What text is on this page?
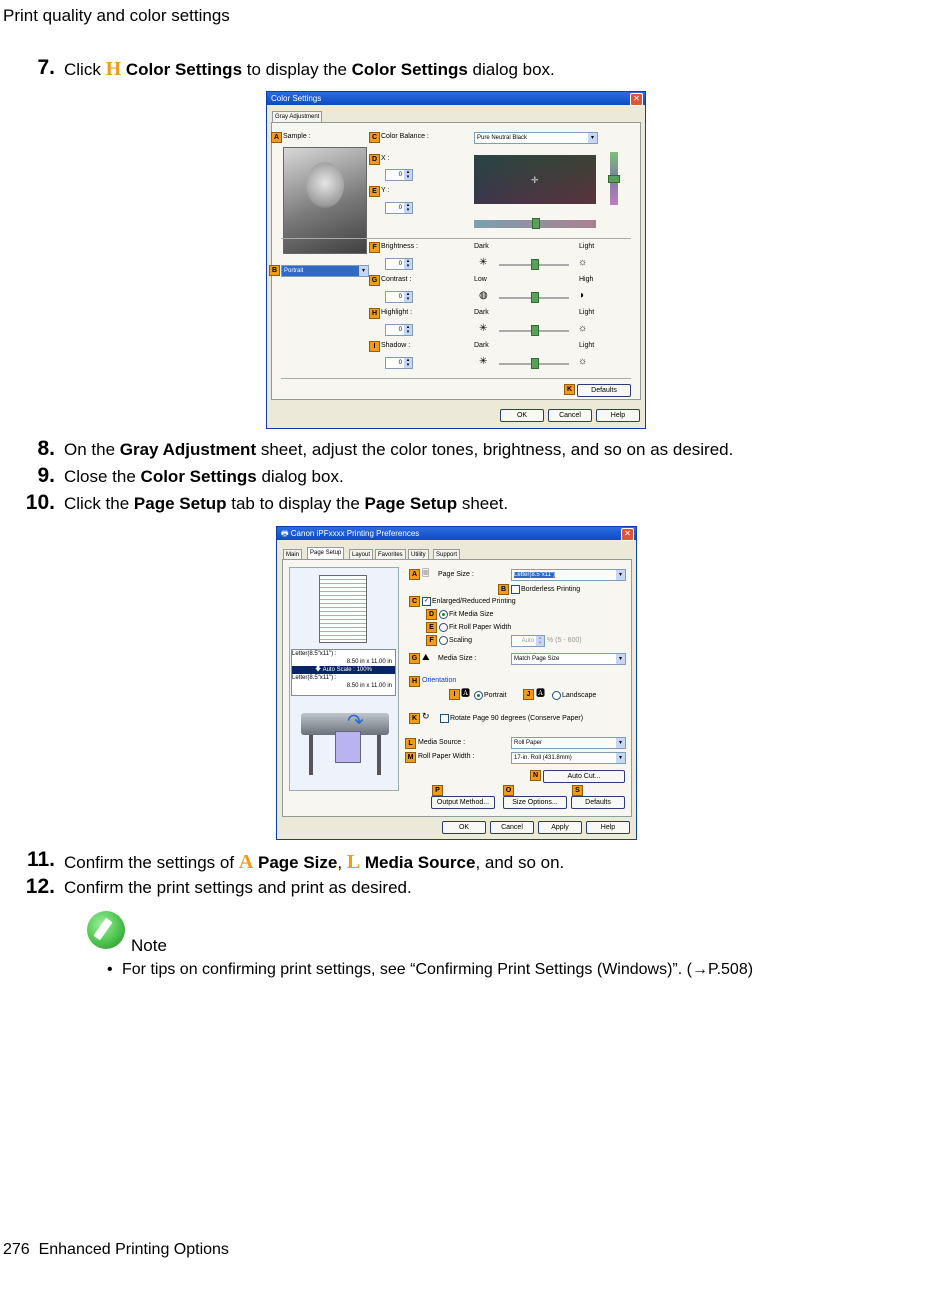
Print quality and color settings
7. Click H Color Settings to display the Color Settings dialog box.
Color Settings	✕
Gray Adjustment
A Sample :
B	Portrait	▾
C Color Balance :	Pure Neutral Black	▾
D X :
0 ▴
▾
E Y :
0 ▴
▾
✛
F Brightness :
0 ▴
▾
Dark	Light
✳	☼
G Contrast :
0 ▴
▾
Low	High
◍	◑
H Highlight :
0 ▴
▾
Dark	Light
✳	☼
I Shadow :
0 ▴
▾
Dark	Light
✳	☼
K	Defaults
OK	Cancel	Help
8. On the Gray Adjustment sheet, adjust the color tones, brightness, and so on as desired.
9. Close the Color Settings dialog box.
10. Click the Page Setup tab to display the Page Setup sheet.
🖶 Canon iPFxxxx Printing Preferences	✕
Main	Page Setup	Layout	Favorites	Utility	Support
Letter(8.5"x11") :
8.50 in x 11.00 in
🡇 Auto Scale : 100%
Letter(8.5"x11") :
8.50 in x 11.00 in
↷
A 🗏 Page Size :	Letter(8.5"x11")	▾
B	Borderless Printing
C	✓ Enlarged/Reduced Printing
D	Fit Media Size
E	Fit Roll Paper Width
F	Scaling	Auto ▴
▾ % (5 - 600)
G ⛰ Media Size :	Match Page Size	▾
H Orientation
I 🅰 Portrait	J 🅰 Landscape
K ↻	Rotate Page 90 degrees (Conserve Paper)
L Media Source :	Roll Paper	▾
M Roll Paper Width :	17-in. Roll (431.8mm)	▾
N	Auto Cut...
P	O	S
Output Method...	Size Options...	Defaults
OK	Cancel	Apply	Help
11. Confirm the settings of A Page Size, L Media Source, and so on.
12. Confirm the print settings and print as desired.
Note
• For tips on confirming print settings, see “Confirming Print Settings (Windows)”. (→P.508)
276  Enhanced Printing Options
